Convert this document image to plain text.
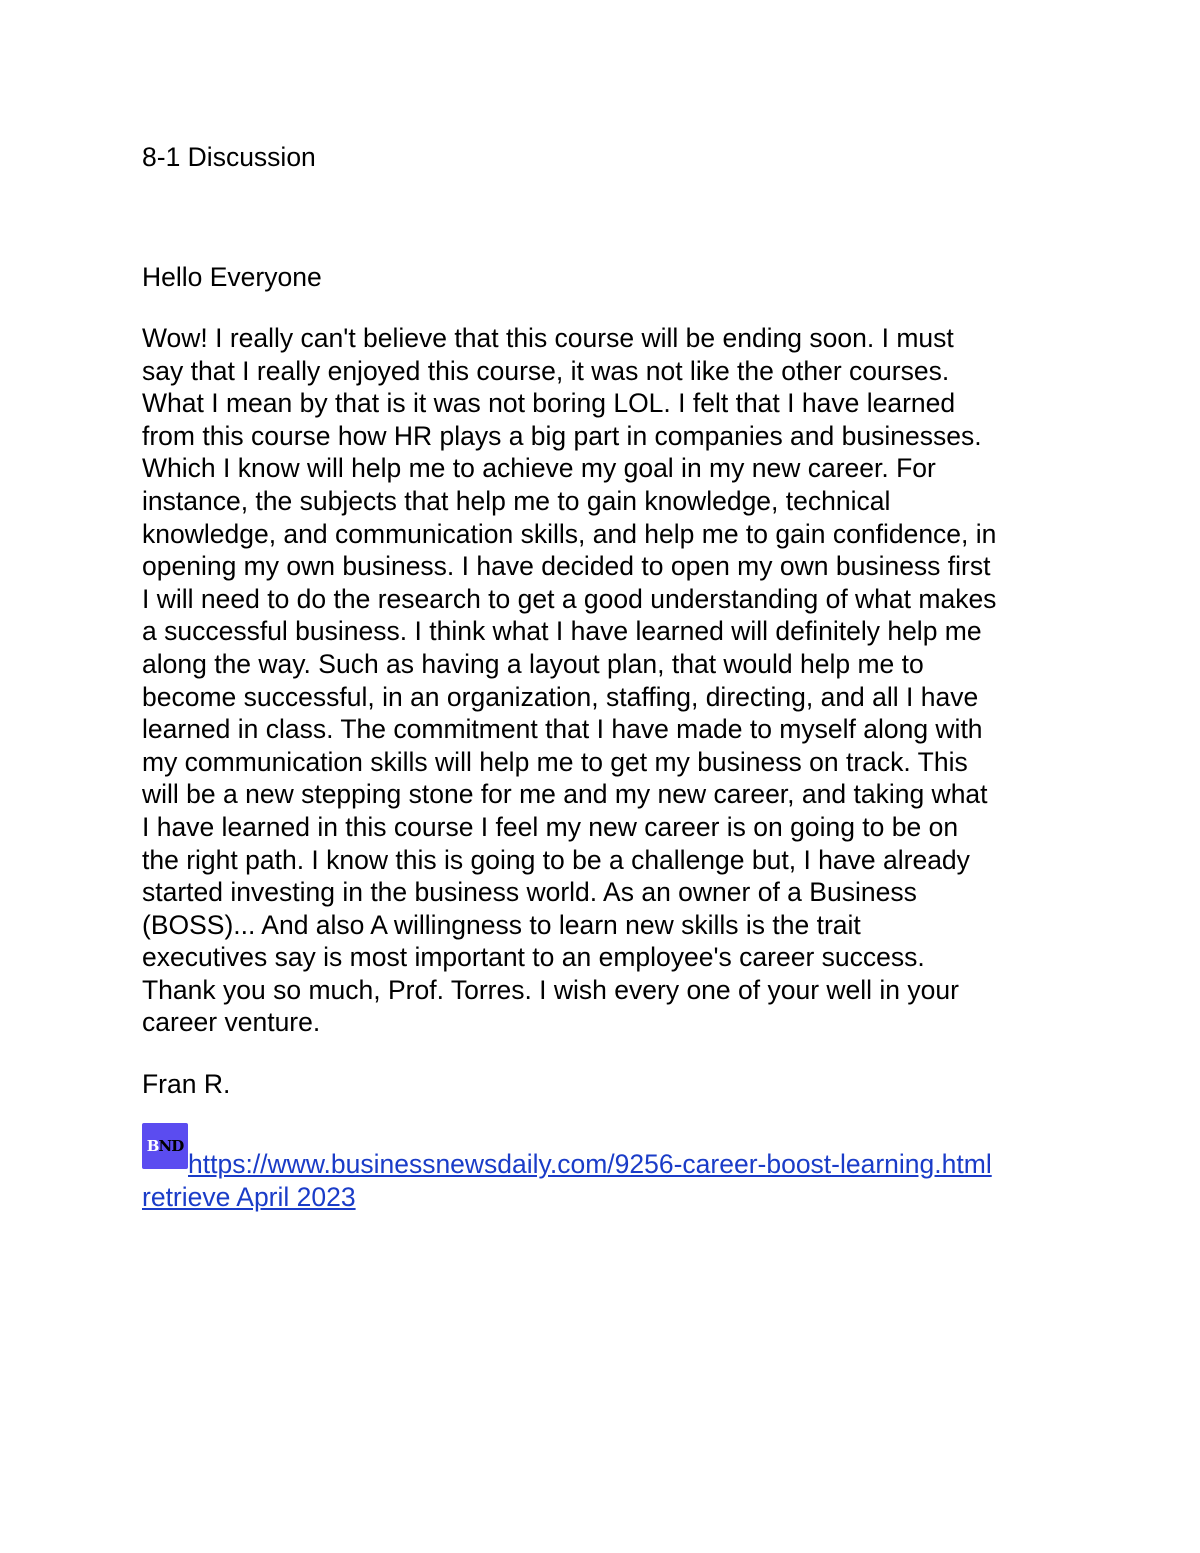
8-1 Discussion
Hello Everyone
Wow! I really can't believe that this course will be ending soon. I must
say that I really enjoyed this course, it was not like the other courses.
What I mean by that is it was not boring LOL. I felt that I have learned
from this course how HR plays a big part in companies and businesses.
Which I know will help me to achieve my goal in my new career. For
instance, the subjects that help me to gain knowledge, technical
knowledge, and communication skills, and help me to gain confidence, in
opening my own business. I have decided to open my own business first
I will need to do the research to get a good understanding of what makes
a successful business. I think what I have learned will definitely help me
along the way. Such as having a layout plan, that would help me to
become successful, in an organization, staffing, directing, and all I have
learned in class. The commitment that I have made to myself along with
my communication skills will help me to get my business on track. This
will be a new stepping stone for me and my new career, and taking what
I have learned in this course I feel my new career is on going to be on
the right path. I know this is going to be a challenge but, I have already
started investing in the business world. As an owner of a Business
(BOSS)... And also A willingness to learn new skills is the trait
executives say is most important to an employee's career success.
Thank you so much, Prof. Torres. I wish every one of your well in your
career venture.
Fran R.
B ND
https://www.businessnewsdaily.com/9256-career-boost-learning.html
retrieve April 2023
